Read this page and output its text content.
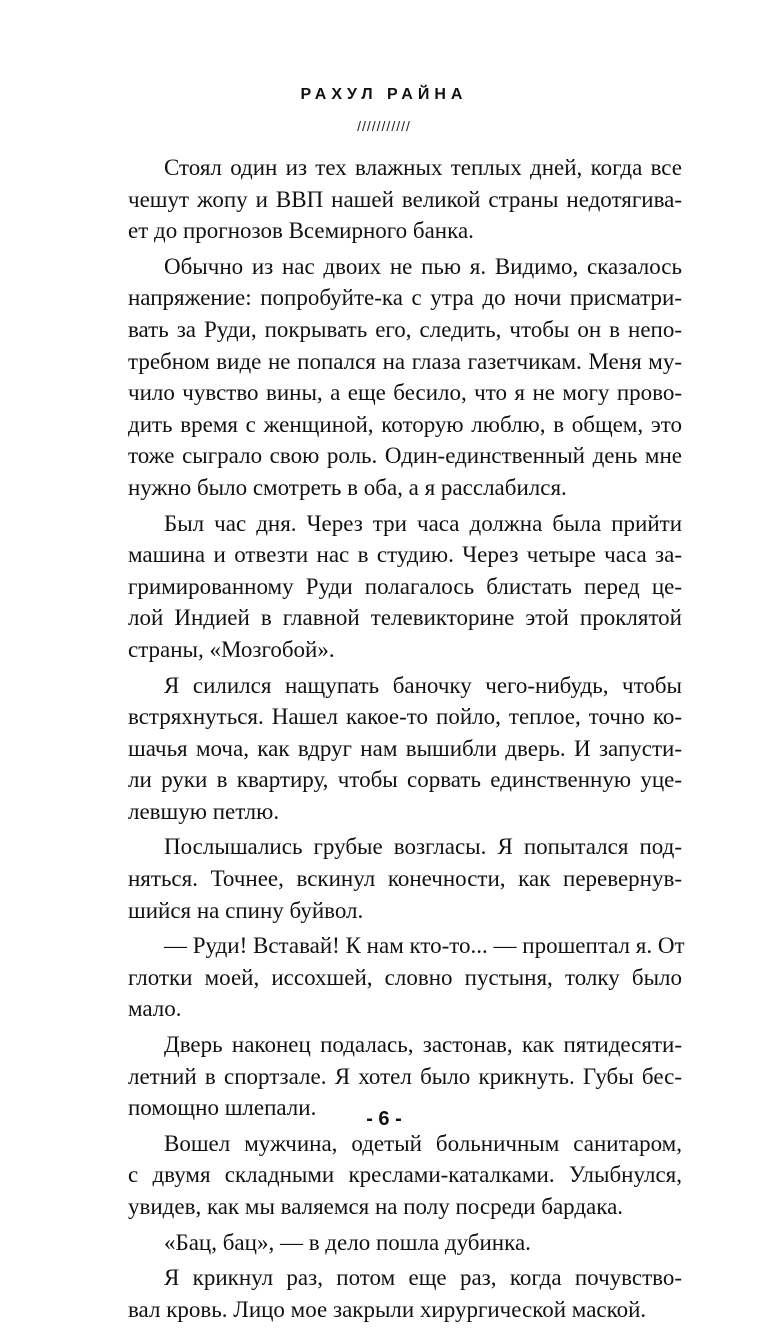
РАХУЛ РАЙНА
///////////
Стоял один из тех влажных теплых дней, когда все
чешут жопу и ВВП нашей великой страны недотягива-
ет до прогнозов Всемирного банка.
Обычно из нас двоих не пью я. Видимо, сказалось
напряжение: попробуйте-ка с утра до ночи присматри-
вать за Руди, покрывать его, следить, чтобы он в непо-
требном виде не попался на глаза газетчикам. Меня му-
чило чувство вины, а еще бесило, что я не могу прово-
дить время с женщиной, которую люблю, в общем, это
тоже сыграло свою роль. Один-единственный день мне
нужно было смотреть в оба, а я расслабился.
Был час дня. Через три часа должна была прийти
машина и отвезти нас в студию. Через четыре часа за-
гримированному Руди полагалось блистать перед це-
лой Индией в главной телевикторине этой проклятой
страны, «Мозгобой».
Я силился нащупать баночку чего-нибудь, чтобы
встряхнуться. Нашел какое-то пойло, теплое, точно ко-
шачья моча, как вдруг нам вышибли дверь. И запусти-
ли руки в квартиру, чтобы сорвать единственную уце-
левшую петлю.
Послышались грубые возгласы. Я попытался под-
няться. Точнее, вскинул конечности, как перевернув-
шийся на спину буйвол.
— Руди! Вставай! К нам кто-то... — прошептал я. От
глотки моей, иссохшей, словно пустыня, толку было
мало.
Дверь наконец подалась, застонав, как пятидесяти-
летний в спортзале. Я хотел было крикнуть. Губы бес-
помощно шлепали.
Вошел мужчина, одетый больничным санитаром,
с двумя складными креслами-каталками. Улыбнулся,
увидев, как мы валяемся на полу посреди бардака.
«Бац, бац», — в дело пошла дубинка.
Я крикнул раз, потом еще раз, когда почувство-
вал кровь. Лицо мое закрыли хирургической маской.
- 6 -
